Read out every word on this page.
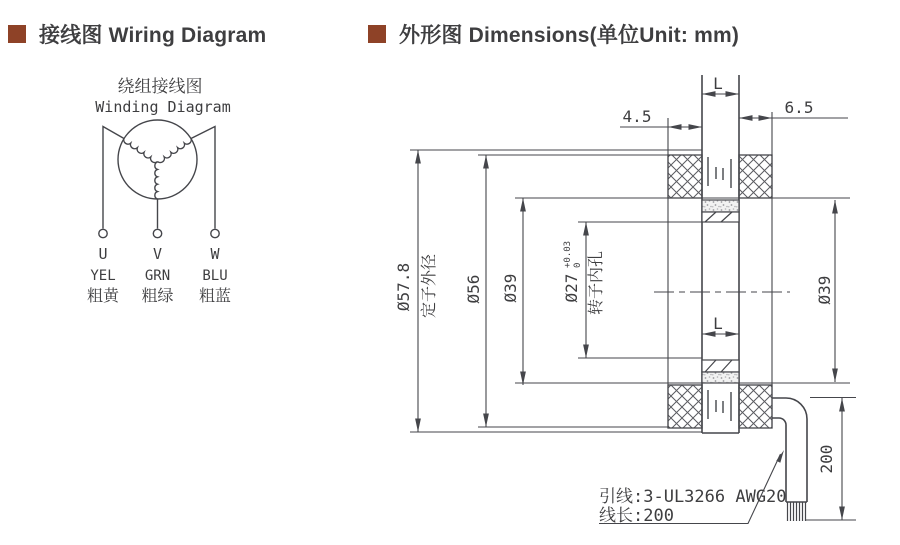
接线图 Wiring Diagram	外形图 Dimensions(单位Unit: mm)
绕组接线图
Winding Diagram
U	V	W
YEL GRN BLU
粗黄 粗绿 粗蓝
L
4.5	6.5
L
Ø57.8 定子外径 Ø56 Ø39	Ø27
+0.03 0 转子内孔	Ø39
200
引线:3-UL3266 AWG20
线长:200
